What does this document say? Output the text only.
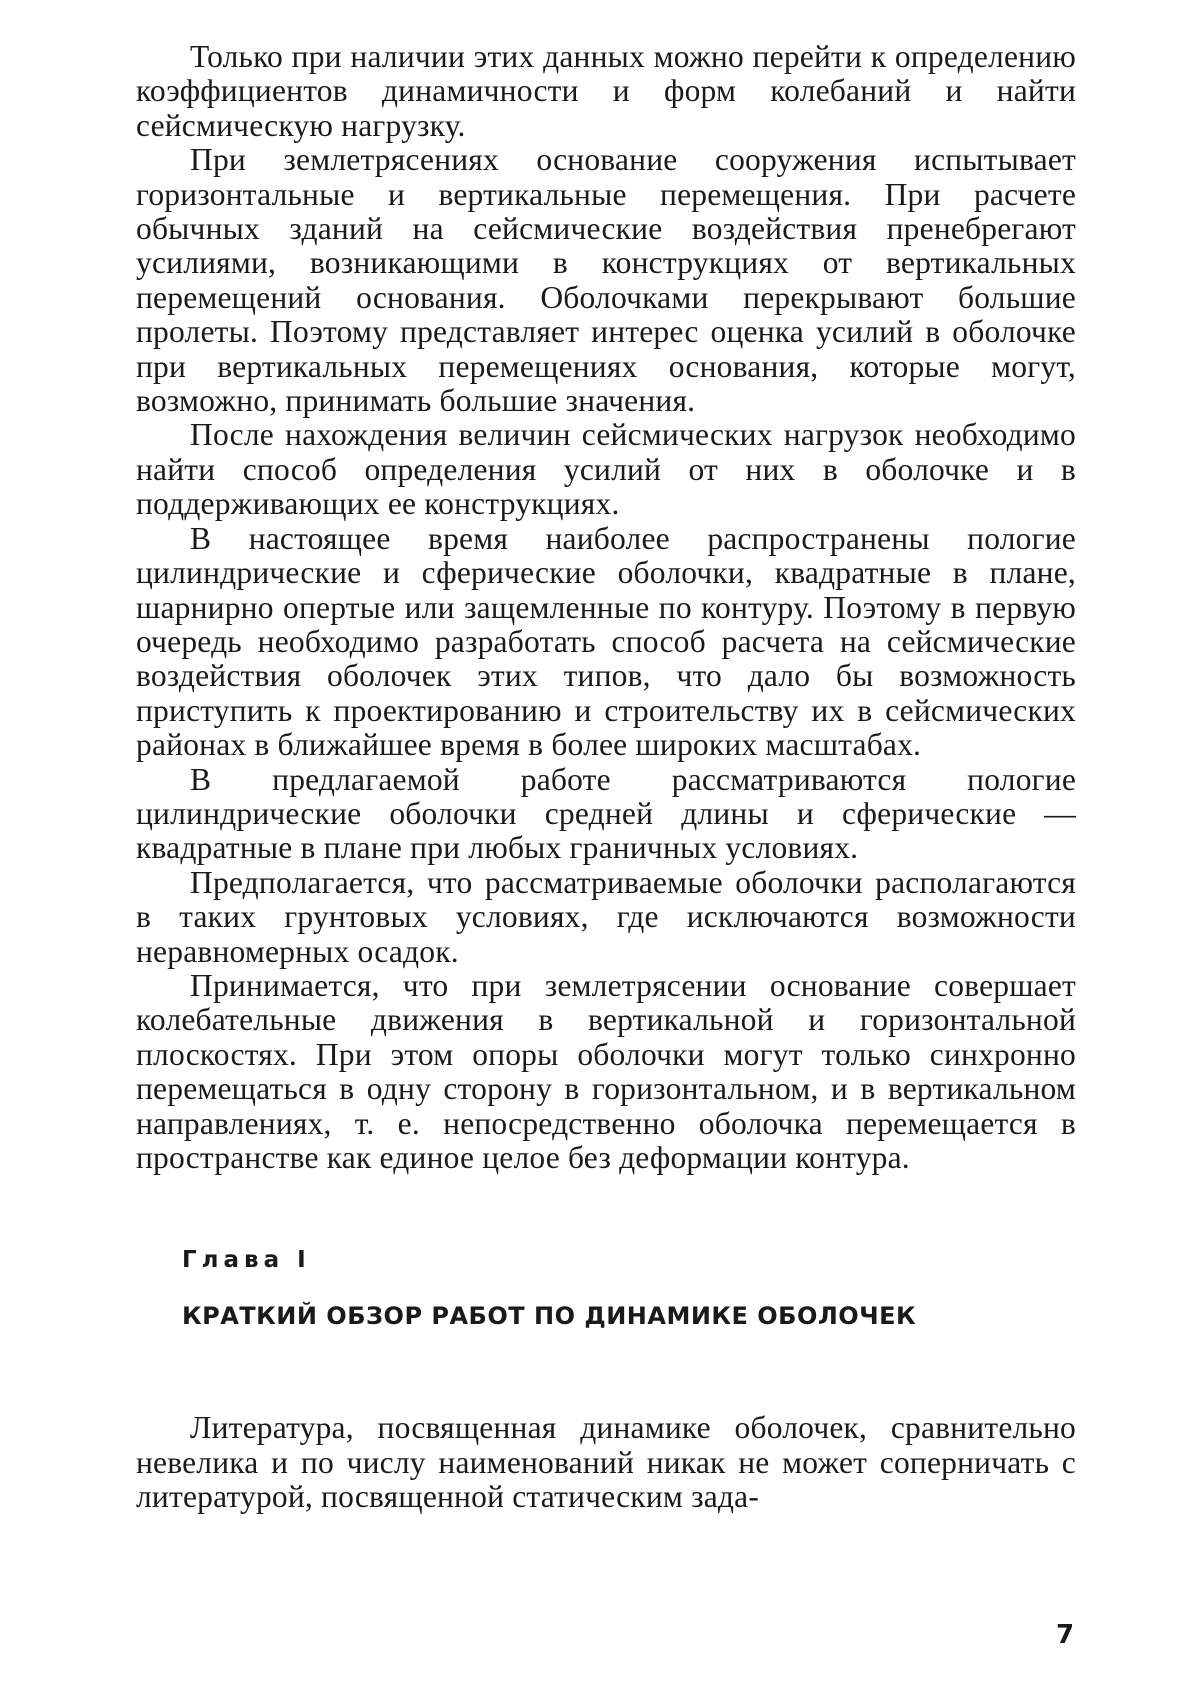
Только при наличии этих данных можно перейти к определению коэффициентов динамичности и форм колебаний и найти сейсмическую нагрузку.

При землетрясениях основание сооружения испытывает горизонтальные и вертикальные перемещения. При расчете обычных зданий на сейсмические воздействия пренебрегают усилиями, возникающими в конструкциях от вертикальных перемещений основания. Оболочками перекрывают большие пролеты. Поэтому представляет интерес оценка усилий в оболочке при вертикальных перемещениях основания, которые могут, возможно, принимать большие значения.

После нахождения величин сейсмических нагрузок необходимо найти способ определения усилий от них в оболочке и в поддерживающих ее конструкциях.

В настоящее время наиболее распространены пологие цилиндрические и сферические оболочки, квадратные в плане, шарнирно опертые или защемленные по контуру. Поэтому в первую очередь необходимо разработать способ расчета на сейсмические воздействия оболочек этих типов, что дало бы возможность приступить к проектированию и строительству их в сейсмических районах в ближайшее время в более широких масштабах.

В предлагаемой работе рассматриваются пологие цилиндрические оболочки средней длины и сферические — квадратные в плане при любых граничных условиях.

Предполагается, что рассматриваемые оболочки располагаются в таких грунтовых условиях, где исключаются возможности неравномерных осадок.

Принимается, что при землетрясении основание совершает колебательные движения в вертикальной и горизонтальной плоскостях. При этом опоры оболочки могут только синхронно перемещаться в одну сторону в горизонтальном, и в вертикальном направлениях, т. е. непосредственно оболочка перемещается в пространстве как единое целое без деформации контура.

Глава I

КРАТКИЙ ОБЗОР РАБОТ ПО ДИНАМИКЕ ОБОЛОЧЕК

Литература, посвященная динамике оболочек, сравнительно невелика и по числу наименований никак не может соперничать с литературой, посвященной статическим зада-

7
